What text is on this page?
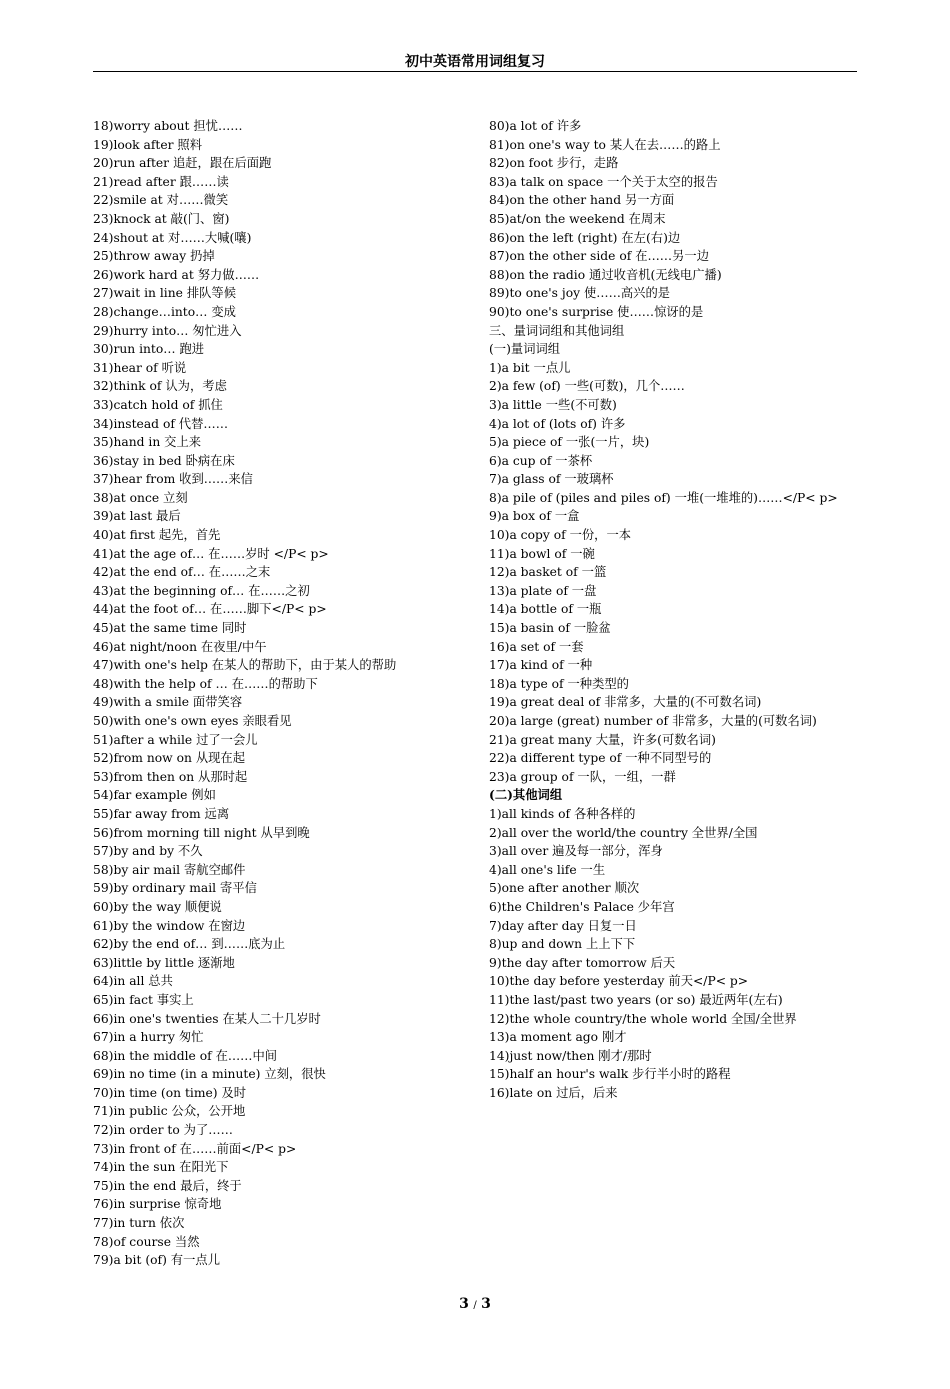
初中英语常用词组复习
18)worry about 担忧……
19)look after 照料
20)run after 追赶，跟在后面跑
21)read after 跟……读
22)smile at 对……微笑
23)knock at 敲(门、窗)
24)shout at 对……大喊(嚷)
25)throw away 扔掉
26)work hard at 努力做……
27)wait in line 排队等候
28)change…into… 变成
29)hurry into… 匆忙进入
30)run into… 跑进
31)hear of 听说
32)think of 认为，考虑
33)catch hold of 抓住
34)instead of 代替……
35)hand in 交上来
36)stay in bed 卧病在床
37)hear from 收到……来信
38)at once 立刻
39)at last 最后
40)at first 起先，首先
41)at the age of… 在……岁时 </P< p>
42)at the end of… 在……之末
43)at the beginning of… 在……之初
44)at the foot of… 在……脚下</P< p>
45)at the same time 同时
46)at night/noon 在夜里/中午
47)with one's help 在某人的帮助下，由于某人的帮助
48)with the help of … 在……的帮助下
49)with a smile 面带笑容
50)with one's own eyes 亲眼看见
51)after a while 过了一会儿
52)from now on 从现在起
53)from then on 从那时起
54)far example 例如
55)far away from 远离
56)from morning till night 从早到晚
57)by and by 不久
58)by air mail 寄航空邮件
59)by ordinary mail 寄平信
60)by the way 顺便说
61)by the window 在窗边
62)by the end of… 到……底为止
63)little by little 逐渐地
64)in all 总共
65)in fact 事实上
66)in one's twenties 在某人二十几岁时
67)in a hurry 匆忙
68)in the middle of 在……中间
69)in no time (in a minute) 立刻，很快
70)in time (on time) 及时
71)in public 公众，公开地
72)in order to 为了……
73)in front of 在……前面</P< p>
74)in the sun 在阳光下
75)in the end 最后，终于
76)in surprise 惊奇地
77)in turn 依次
78)of course 当然
79)a bit (of) 有一点儿
80)a lot of 许多
81)on one's way to 某人在去……的路上
82)on foot 步行，走路
83)a talk on space 一个关于太空的报告
84)on the other hand 另一方面
85)at/on the weekend 在周末
86)on the left (right) 在左(右)边
87)on the other side of 在……另一边
88)on the radio 通过收音机(无线电广播)
89)to one's joy 使……高兴的是
90)to one's surprise 使……惊讶的是
三、量词词组和其他词组
(一)量词词组
1)a bit 一点儿
2)a few (of) 一些(可数)，几个……
3)a little 一些(不可数)
4)a lot of (lots of) 许多
5)a piece of 一张(一片，块)
6)a cup of 一茶杯
7)a glass of 一玻璃杯
8)a pile of (piles and piles of) 一堆(一堆堆的)……</P< p>
9)a box of 一盒
10)a copy of 一份，一本
11)a bowl of 一碗
12)a basket of 一篮
13)a plate of 一盘
14)a bottle of 一瓶
15)a basin of 一脸盆
16)a set of 一套
17)a kind of 一种
18)a type of 一种类型的
19)a great deal of 非常多，大量的(不可数名词)
20)a large (great) number of 非常多，大量的(可数名词)
21)a great many 大量，许多(可数名词)
22)a different type of 一种不同型号的
23)a group of 一队，一组，一群
(二)其他词组
1)all kinds of 各种各样的
2)all over the world/the country 全世界/全国
3)all over 遍及每一部分，浑身
4)all one's life 一生
5)one after another 顺次
6)the Children's Palace 少年宫
7)day after day 日复一日
8)up and down 上上下下
9)the day after tomorrow 后天
10)the day before yesterday 前天</P< p>
11)the last/past two years (or so) 最近两年(左右)
12)the whole country/the whole world 全国/全世界
13)a moment ago 刚才
14)just now/then 刚才/那时
15)half an hour's walk 步行半小时的路程
16)late on 过后，后来
3 / 3
